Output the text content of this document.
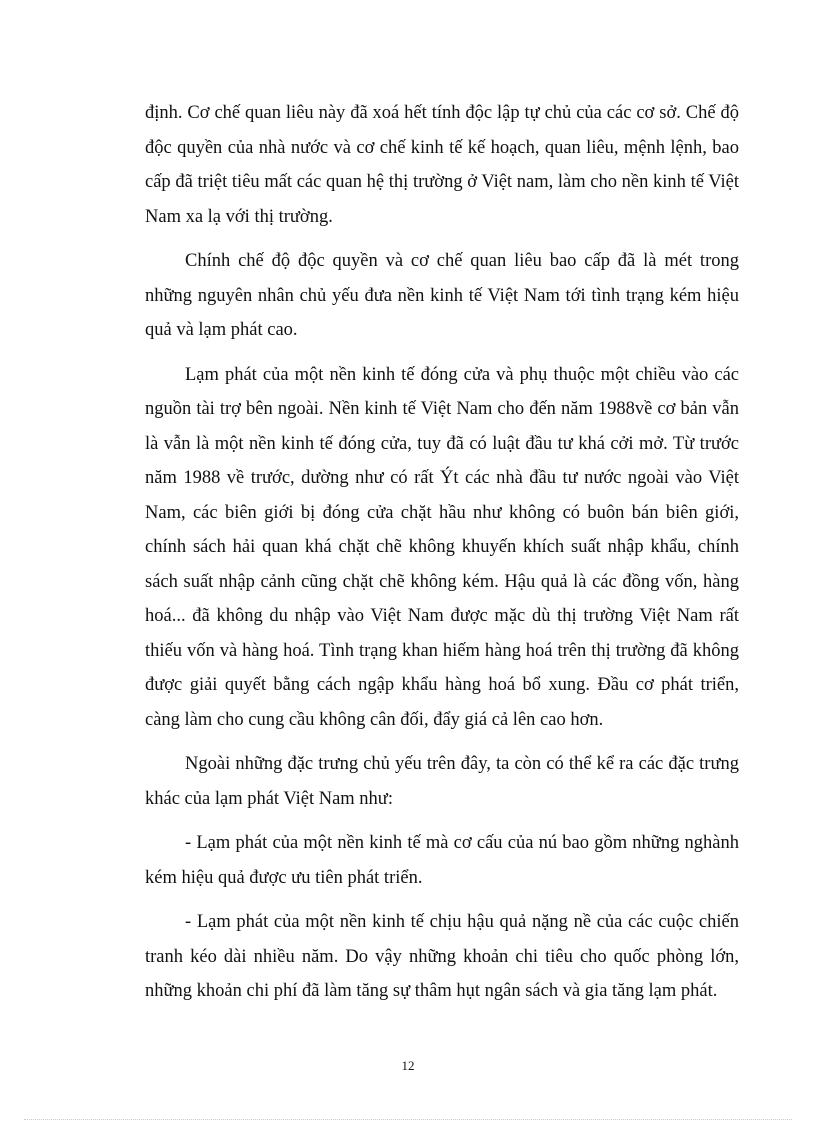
định. Cơ chế quan liêu này đã xoá hết tính độc lập tự chủ của các cơ sở. Chế độ độc quyền của nhà nước và cơ chế kinh tế kế hoạch, quan liêu, mệnh lệnh, bao cấp đã triệt tiêu mất các quan hệ thị trường ở Việt nam, làm cho nền kinh tế Việt Nam xa lạ với thị trường.

Chính chế độ độc quyền và cơ chế quan liêu bao cấp đã là mét trong những nguyên nhân chủ yếu đưa nền kinh tế Việt Nam tới tình trạng kém hiệu quả và lạm phát cao.

Lạm phát của một nền kinh tế đóng cửa và phụ thuộc một chiều vào các nguồn tài trợ bên ngoài. Nền kinh tế Việt Nam cho đến năm 1988về cơ bản vẫn là vẫn là một nền kinh tế đóng cửa, tuy đã có luật đầu tư khá cởi mở. Từ trước năm 1988 về trước, dường như có rất Ýt các nhà đầu tư nước ngoài vào Việt Nam, các biên giới bị đóng cửa chặt hầu như không có buôn bán biên giới, chính sách hải quan khá chặt chẽ không khuyến khích suất nhập khẩu, chính sách suất nhập cảnh cũng chặt chẽ không kém. Hậu quả là các đồng vốn, hàng hoá... đã không du nhập vào Việt Nam được mặc dù thị trường Việt Nam rất thiếu vốn và hàng hoá. Tình trạng khan hiếm hàng hoá trên thị trường đã không được giải quyết bằng cách ngập khẩu hàng hoá bổ xung. Đầu cơ phát triển, càng làm cho cung cầu không cân đối, đẩy giá cả lên cao hơn.

Ngoài những đặc trưng chủ yếu trên đây, ta còn có thể kể ra các đặc trưng khác của lạm phát Việt Nam như:

- Lạm phát của một nền kinh tế mà cơ cấu của nú bao gồm những nghành kém hiệu quả được ưu tiên phát triển.

- Lạm phát của một nền kinh tế chịu hậu quả nặng nề của các cuộc chiến tranh kéo dài nhiều năm. Do vậy những khoản chi tiêu cho quốc phòng lớn, những khoản chi phí đã làm tăng sự thâm hụt ngân sách và gia tăng lạm phát.

12
